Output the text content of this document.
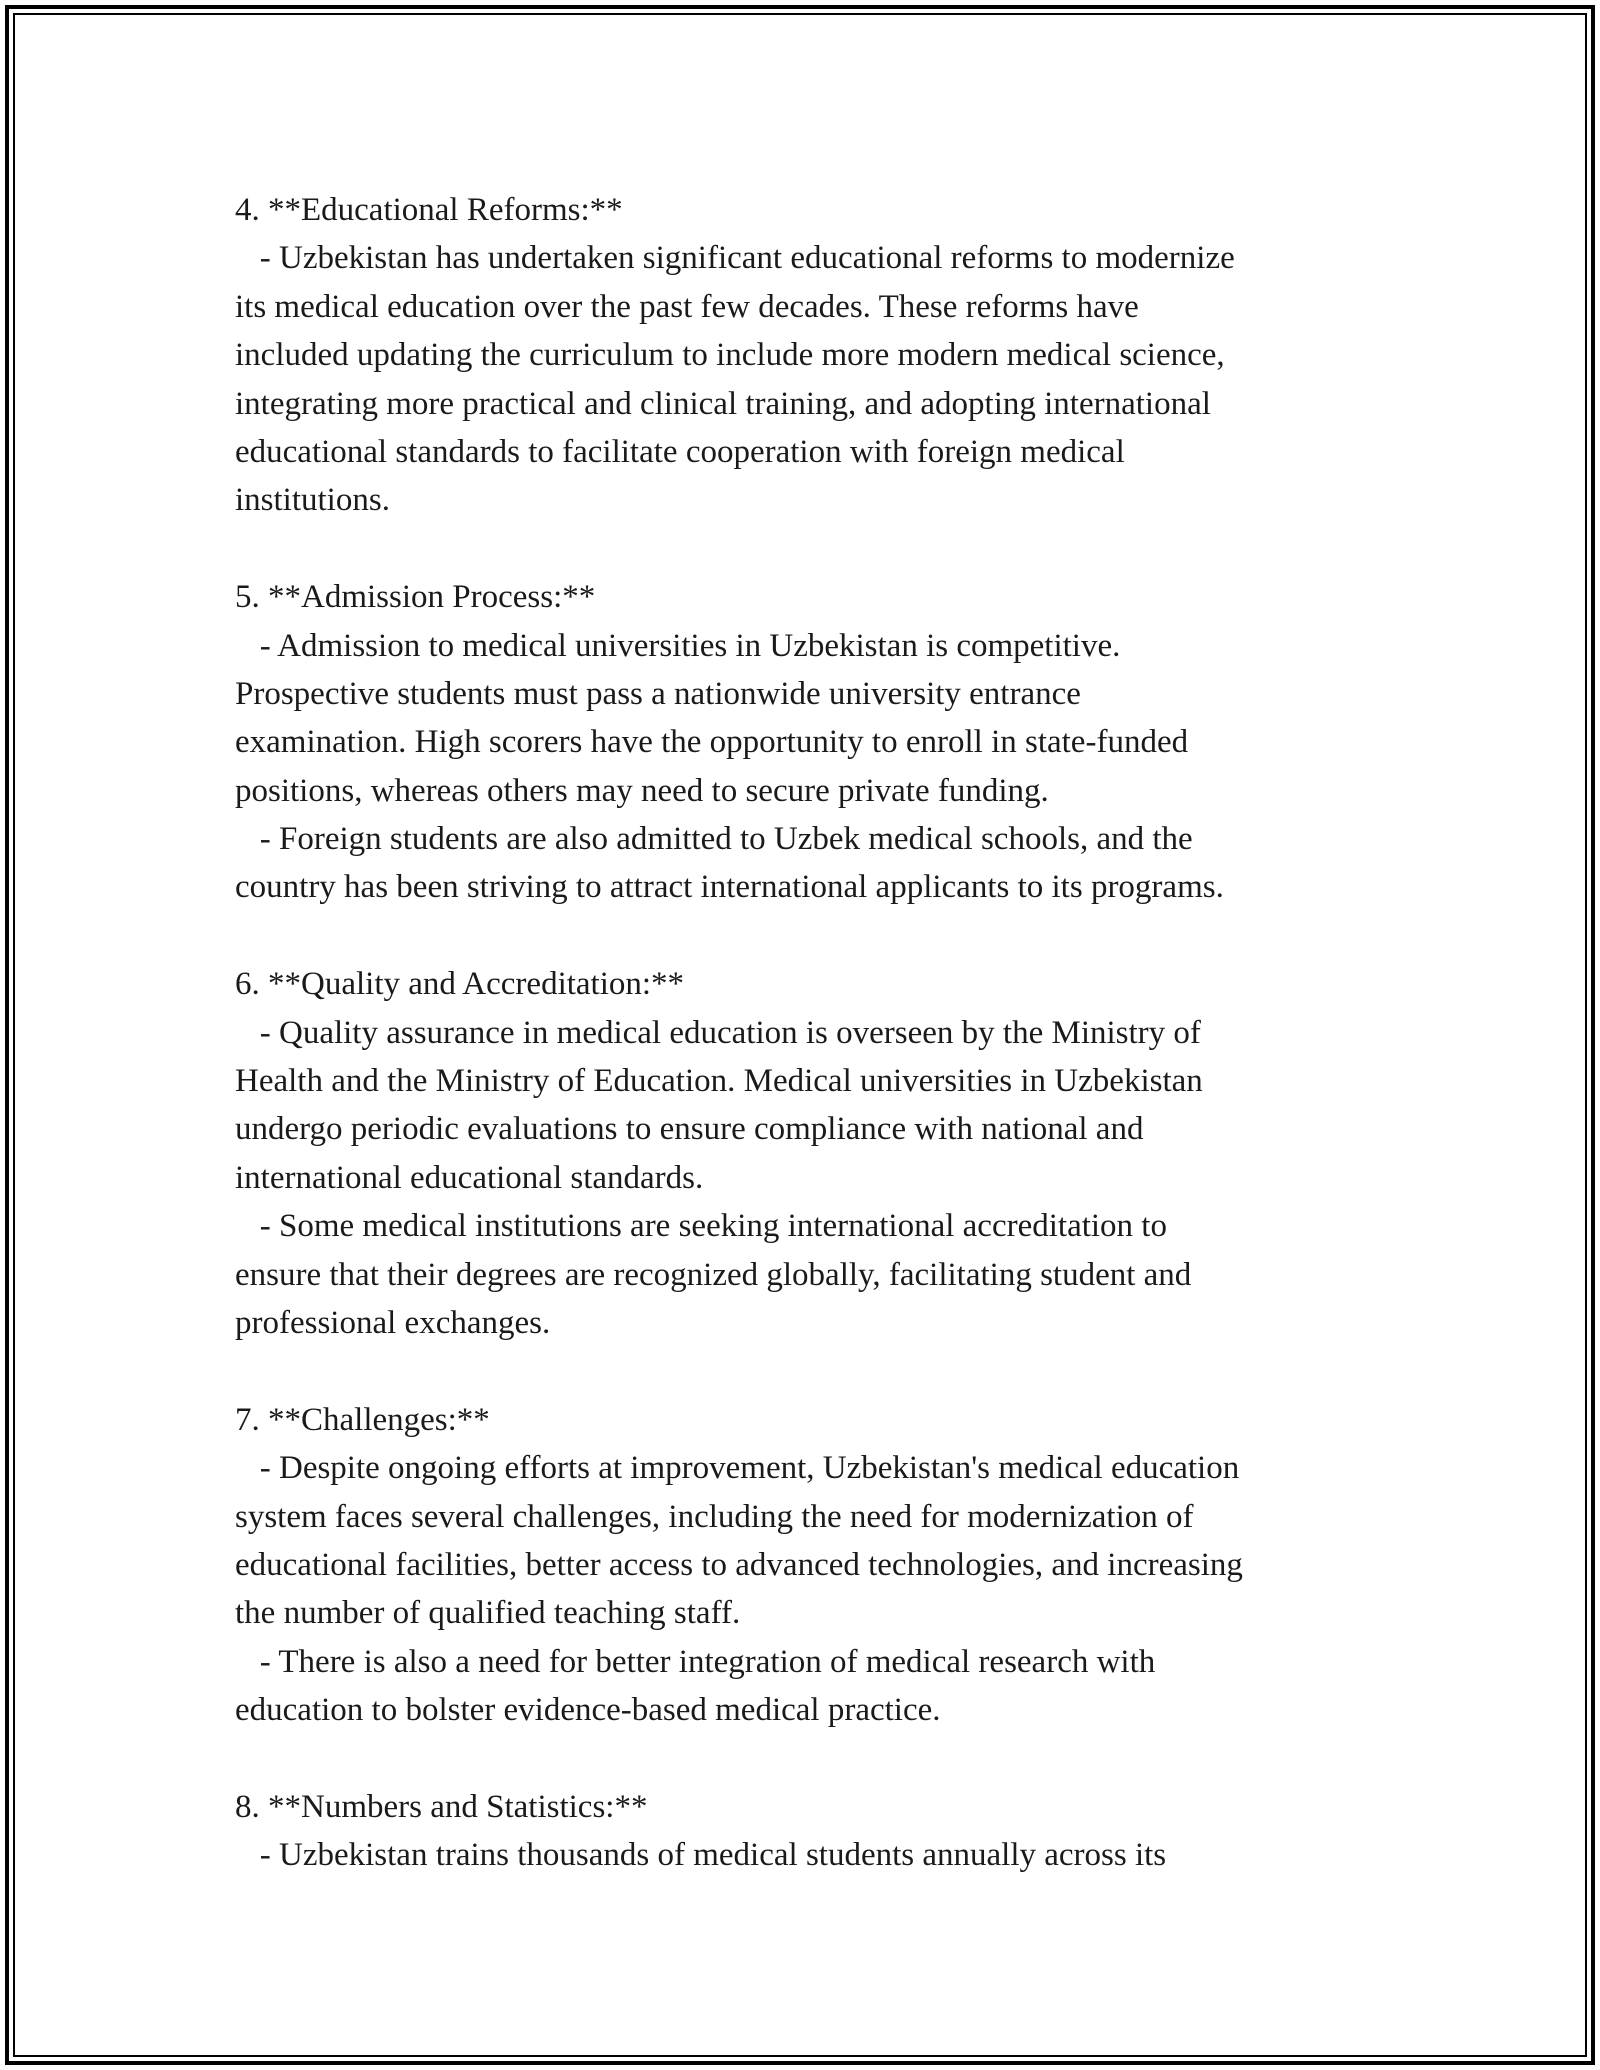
4. **Educational Reforms:**
- Uzbekistan has undertaken significant educational reforms to modernize
its medical education over the past few decades. These reforms have
included updating the curriculum to include more modern medical science,
integrating more practical and clinical training, and adopting international
educational standards to facilitate cooperation with foreign medical
institutions.
5. **Admission Process:**
- Admission to medical universities in Uzbekistan is competitive.
Prospective students must pass a nationwide university entrance
examination. High scorers have the opportunity to enroll in state-funded
positions, whereas others may need to secure private funding.
- Foreign students are also admitted to Uzbek medical schools, and the
country has been striving to attract international applicants to its programs.
6. **Quality and Accreditation:**
- Quality assurance in medical education is overseen by the Ministry of
Health and the Ministry of Education. Medical universities in Uzbekistan
undergo periodic evaluations to ensure compliance with national and
international educational standards.
- Some medical institutions are seeking international accreditation to
ensure that their degrees are recognized globally, facilitating student and
professional exchanges.
7. **Challenges:**
- Despite ongoing efforts at improvement, Uzbekistan's medical education
system faces several challenges, including the need for modernization of
educational facilities, better access to advanced technologies, and increasing
the number of qualified teaching staff.
- There is also a need for better integration of medical research with
education to bolster evidence-based medical practice.
8. **Numbers and Statistics:**
- Uzbekistan trains thousands of medical students annually across its
